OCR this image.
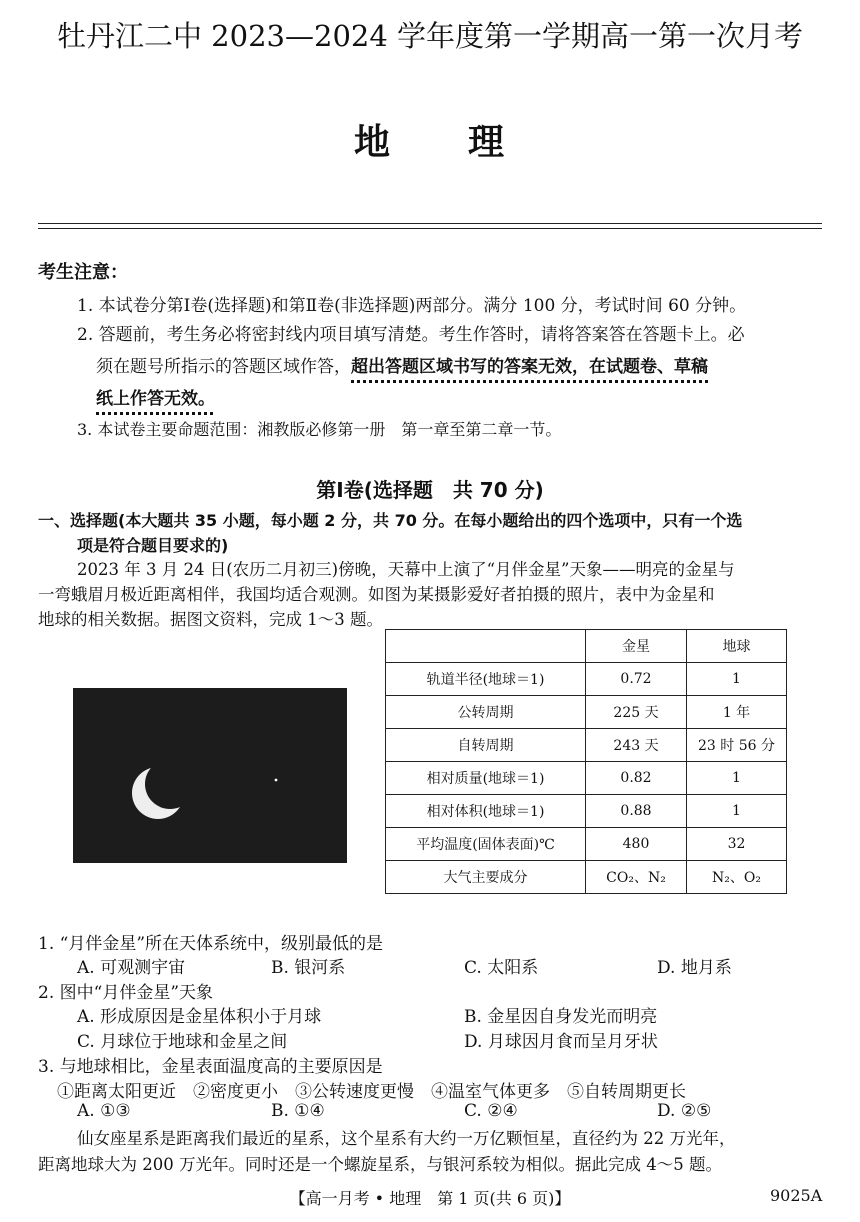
牡丹江二中 2023—2024 学年度第一学期高一第一次月考
地　　理
考生注意：
1. 本试卷分第Ⅰ卷(选择题)和第Ⅱ卷(非选择题)两部分。满分 100 分，考试时间 60 分钟。
2. 答题前，考生务必将密封线内项目填写清楚。考生作答时，请将答案答在答题卡上。必
须在题号所指示的答题区域作答，超出答题区域书写的答案无效，在试题卷、草稿
纸上作答无效。
3. 本试卷主要命题范围：湘教版必修第一册　第一章至第二章一节。
第Ⅰ卷(选择题　共 70 分)
一、选择题(本大题共 35 小题，每小题 2 分，共 70 分。在每小题给出的四个选项中，只有一个选
项是符合题目要求的)
2023 年 3 月 24 日(农历二月初三)傍晚，天幕中上演了“月伴金星”天象——明亮的金星与
一弯蛾眉月极近距离相伴，我国均适合观测。如图为某摄影爱好者拍摄的照片，表中为金星和
地球的相关数据。据图文资料，完成 1～3 题。
	金星	地球
轨道半径(地球＝1)	0.72	1
公转周期	225 天	1 年
自转周期	243 天	23 时 56 分
相对质量(地球＝1)	0.82	1
相对体积(地球＝1)	0.88	1
平均温度(固体表面)℃	480	32
大气主要成分	CO₂、N₂	N₂、O₂
1. “月伴金星”所在天体系统中，级别最低的是
A. 可观测宇宙	B. 银河系	C. 太阳系	D. 地月系
2. 图中“月伴金星”天象
A. 形成原因是金星体积小于月球	B. 金星因自身发光而明亮
C. 月球位于地球和金星之间	D. 月球因月食而呈月牙状
3. 与地球相比，金星表面温度高的主要原因是
①距离太阳更近　②密度更小　③公转速度更慢　④温室气体更多　⑤自转周期更长
A. ①③	B. ①④	C. ②④	D. ②⑤
仙女座星系是距离我们最近的星系，这个星系有大约一万亿颗恒星，直径约为 22 万光年，
距离地球大为 200 万光年。同时还是一个螺旋星系，与银河系较为相似。据此完成 4～5 题。
【高一月考 • 地理　第 1 页(共 6 页)】	9025A
